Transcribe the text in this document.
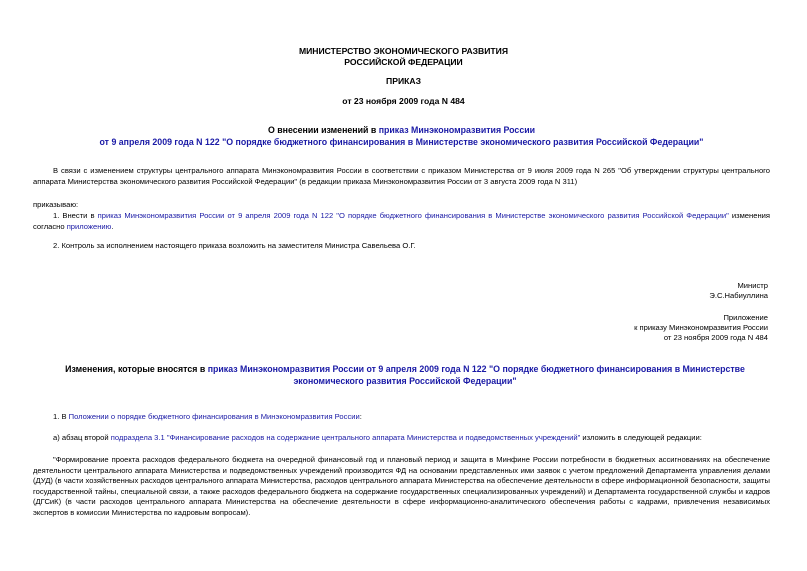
МИНИСТЕРСТВО ЭКОНОМИЧЕСКОГО РАЗВИТИЯ
РОССИЙСКОЙ ФЕДЕРАЦИИ
ПРИКАЗ
от 23 ноября 2009 года N 484
О внесении изменений в приказ Минэкономразвития России
от 9 апреля 2009 года N 122 "О порядке бюджетного финансирования в Министерстве экономического развития Российской Федерации"
В связи с изменением структуры центрального аппарата Минэкономразвития России в соответствии с приказом Министерства от 9 июля 2009 года N 265 "Об утверждении структуры центрального аппарата Министерства экономического развития Российской Федерации" (в редакции приказа Минэкономразвития России от 3 августа 2009 года N 311)
приказываю:
1. Внести в приказ Минэкономразвития России от 9 апреля 2009 года N 122 "О порядке бюджетного финансирования в Министерстве экономического развития Российской Федерации" изменения согласно приложению.
2. Контроль за исполнением настоящего приказа возложить на заместителя Министра Савельева О.Г.
Министр
Э.С.Набиуллина
Приложение
к приказу Минэкономразвития России
от 23 ноября 2009 года N 484
Изменения, которые вносятся в приказ Минэкономразвития России от 9 апреля 2009 года N 122 "О порядке бюджетного финансирования в Министерстве экономического развития Российской Федерации"
1. В Положении о порядке бюджетного финансирования в Минэкономразвития России:
а) абзац второй подраздела 3.1 "Финансирование расходов на содержание центрального аппарата Министерства и подведомственных учреждений" изложить в следующей редакции:
"Формирование проекта расходов федерального бюджета на очередной финансовый год и плановый период и защита в Минфине России потребности в бюджетных ассигнованиях на обеспечение деятельности центрального аппарата Министерства и подведомственных учреждений производится ФД на основании представленных ими заявок с учетом предложений Департамента управления делами (ДУД) (в части хозяйственных расходов центрального аппарата Министерства, расходов центрального аппарата Министерства на обеспечение деятельности в сфере информационной безопасности, защиты государственной тайны, специальной связи, а также расходов федерального бюджета на содержание государственных специализированных учреждений) и Департамента государственной службы и кадров (ДГСиК) (в части расходов центрального аппарата Министерства на обеспечение деятельности в сфере информационно-аналитического обеспечения работы с кадрами, привлечения независимых экспертов в комиссии Министерства по кадровым вопросам).
